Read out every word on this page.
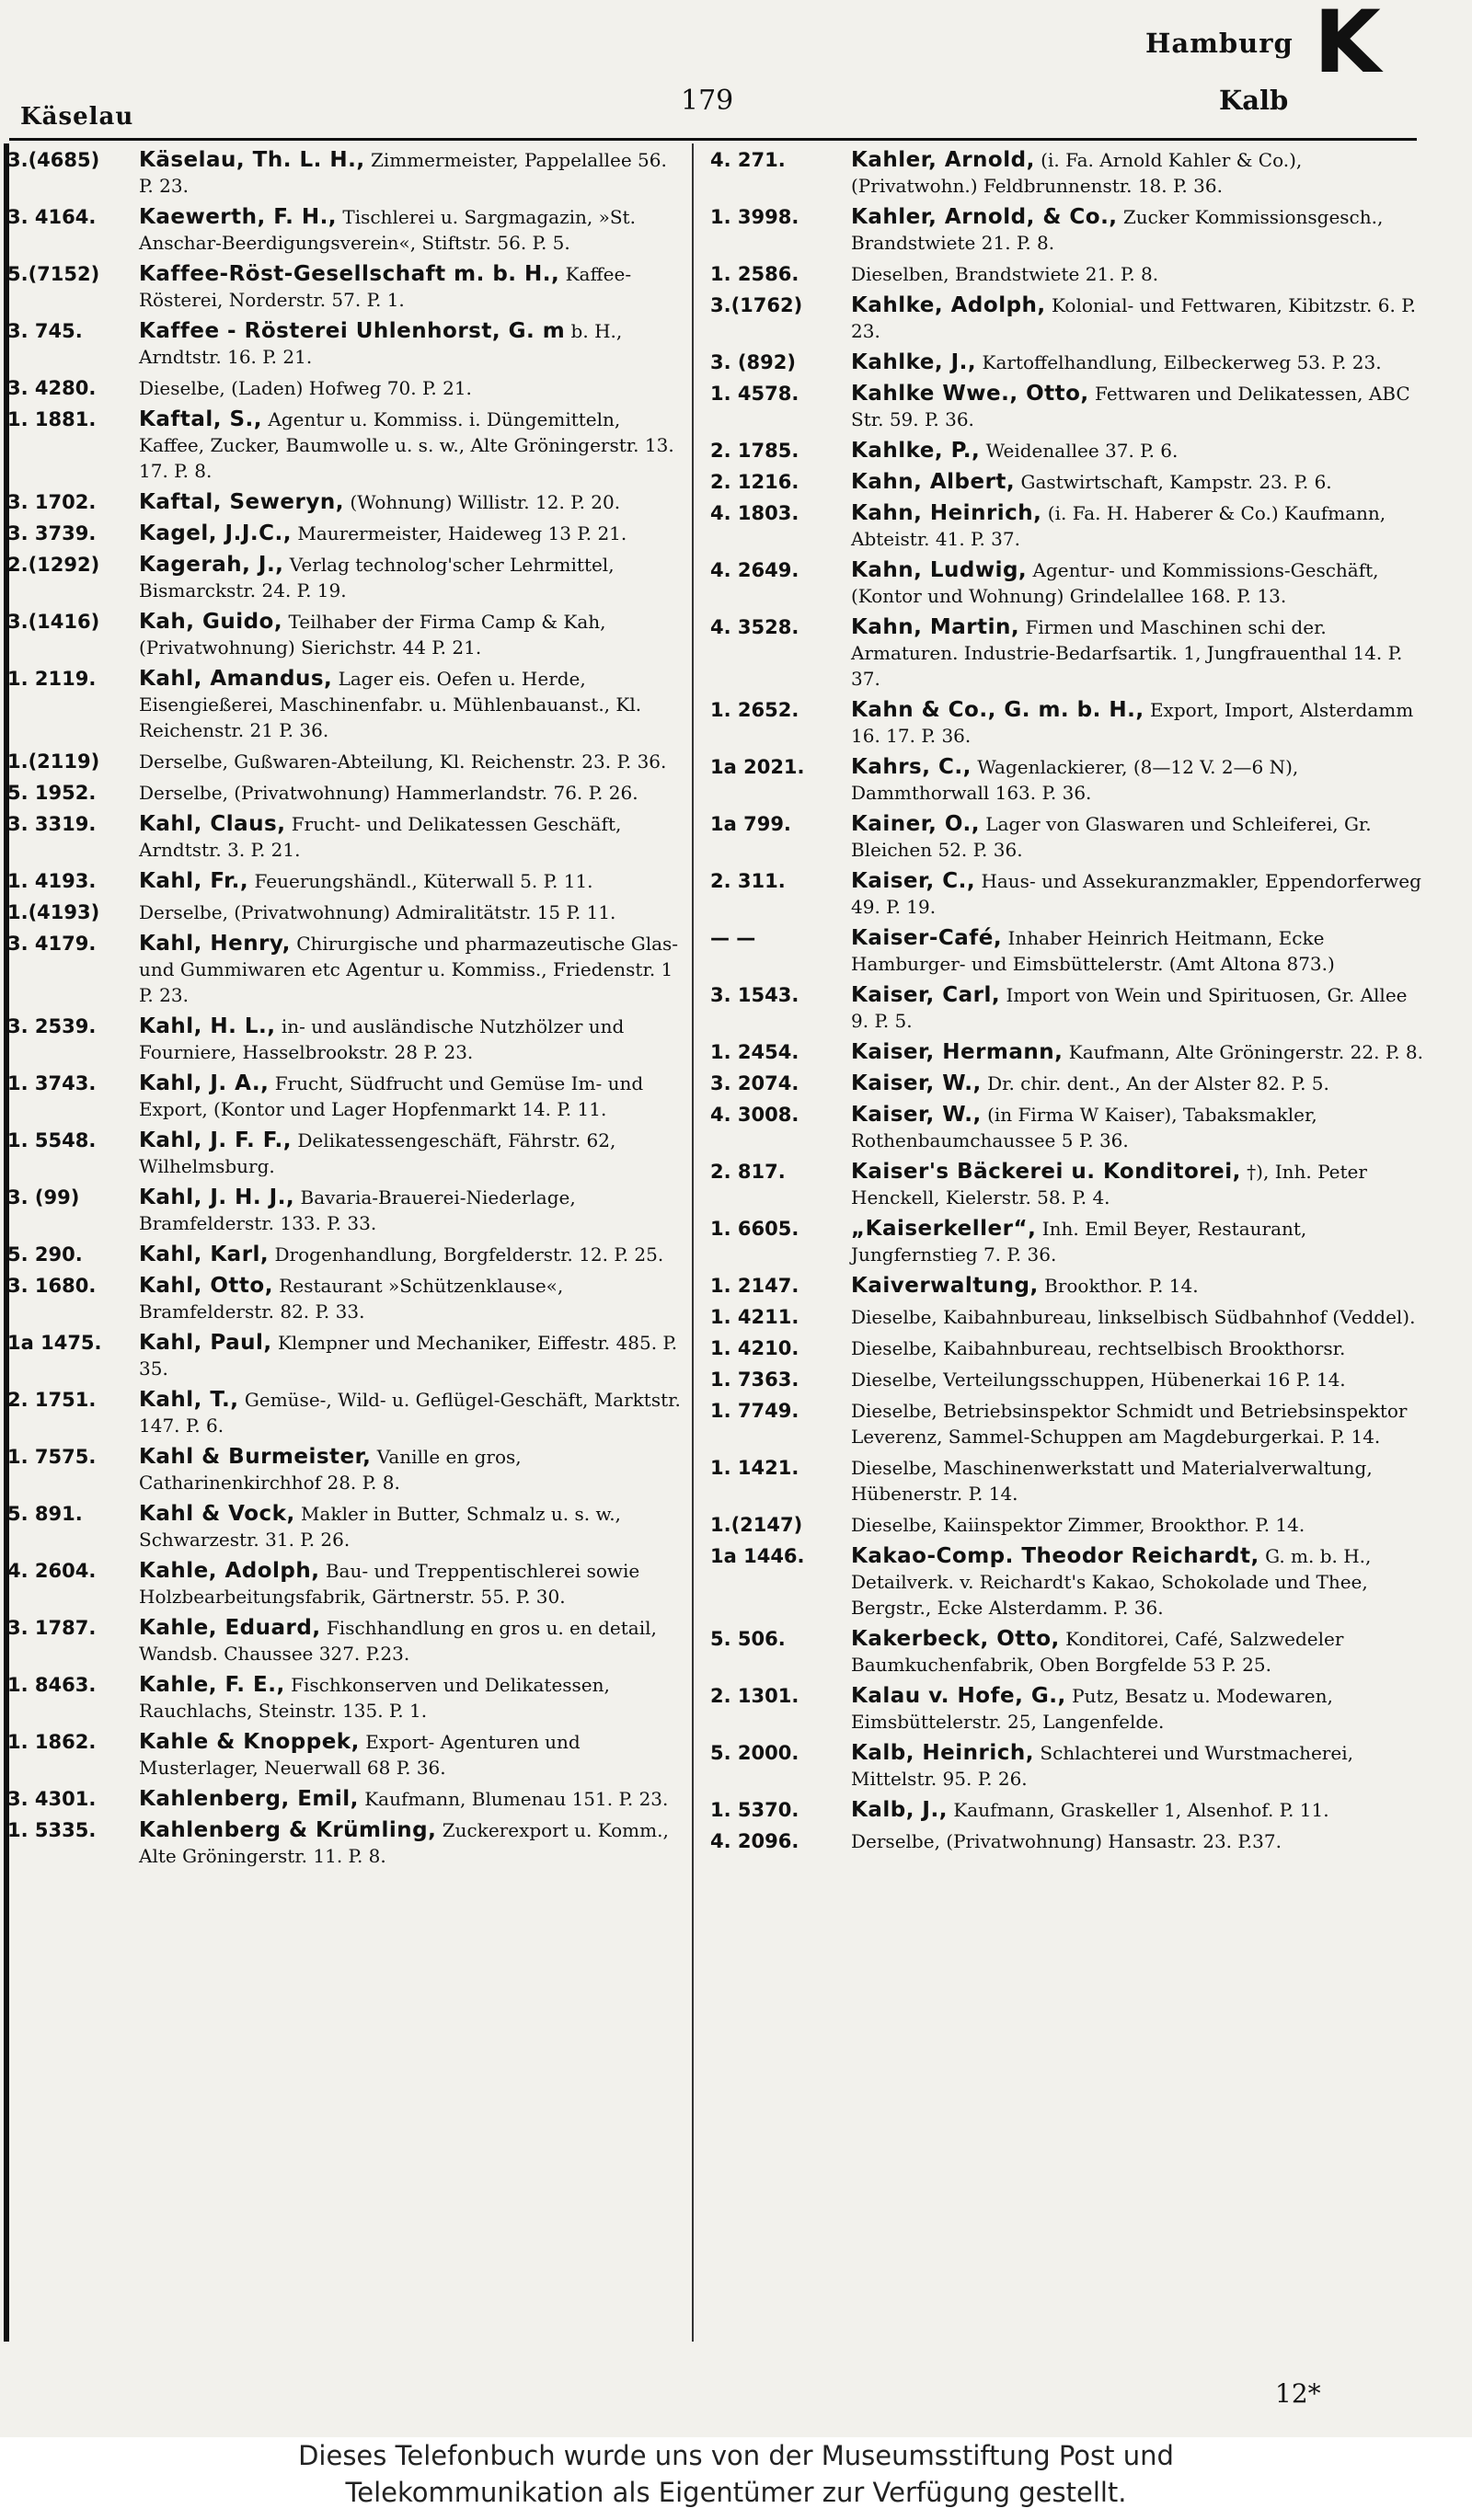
Käselau	179
Hamburg
Kalb
K
3.(4685)	Käselau, Th. L. H., Zimmermeister, Pappelallee 56. P. 23.
3. 4164.	Kaewerth, F. H., Tischlerei u. Sargmagazin, »St. Anschar-Beerdigungsverein«, Stiftstr. 56. P. 5.
5.(7152)	Kaffee-Röst-Gesellschaft m. b. H., Kaffee-Rösterei, Norderstr. 57. P. 1.
3. 745.	Kaffee - Rösterei Uhlenhorst, G. m b. H., Arndtstr. 16. P. 21.
3. 4280.	Dieselbe, (Laden) Hofweg 70. P. 21.
1. 1881.	Kaftal, S., Agentur u. Kommiss. i. Düngemitteln, Kaffee, Zucker, Baumwolle u. s. w., Alte Gröningerstr. 13. 17. P. 8.
3. 1702.	Kaftal, Seweryn, (Wohnung) Willistr. 12. P. 20.
3. 3739.	Kagel, J.J.C., Maurermeister, Haideweg 13 P. 21.
2.(1292)	Kagerah, J., Verlag technolog'scher Lehrmittel, Bismarckstr. 24. P. 19.
3.(1416)	Kah, Guido, Teilhaber der Firma Camp & Kah, (Privatwohnung) Sierichstr. 44 P. 21.
1. 2119.	Kahl, Amandus, Lager eis. Oefen u. Herde, Eisengießerei, Maschinenfabr. u. Mühlenbauanst., Kl. Reichenstr. 21 P. 36.
1.(2119)	Derselbe, Gußwaren-Abteilung, Kl. Reichenstr. 23. P. 36.
5. 1952.	Derselbe, (Privatwohnung) Hammerlandstr. 76. P. 26.
3. 3319.	Kahl, Claus, Frucht- und Delikatessen Geschäft, Arndtstr. 3. P. 21.
1. 4193.	Kahl, Fr., Feuerungshändl., Küterwall 5. P. 11.
1.(4193)	Derselbe, (Privatwohnung) Admiralitätstr. 15 P. 11.
3. 4179.	Kahl, Henry, Chirurgische und pharmazeutische Glas- und Gummiwaren etc Agentur u. Kommiss., Friedenstr. 1 P. 23.
3. 2539.	Kahl, H. L., in- und ausländische Nutzhölzer und Fourniere, Hasselbrookstr. 28 P. 23.
1. 3743.	Kahl, J. A., Frucht, Südfrucht und Gemüse Im- und Export, (Kontor und Lager Hopfenmarkt 14. P. 11.
1. 5548.	Kahl, J. F. F., Delikatessengeschäft, Fährstr. 62, Wilhelmsburg.
3. (99)	Kahl, J. H. J., Bavaria-Brauerei-Niederlage, Bramfelderstr. 133. P. 33.
5. 290.	Kahl, Karl, Drogenhandlung, Borgfelderstr. 12. P. 25.
3. 1680.	Kahl, Otto, Restaurant »Schützenklause«, Bramfelderstr. 82. P. 33.
1a 1475.	Kahl, Paul, Klempner und Mechaniker, Eiffestr. 485. P. 35.
2. 1751.	Kahl, T., Gemüse-, Wild- u. Geflügel-Geschäft, Marktstr. 147. P. 6.
1. 7575.	Kahl & Burmeister, Vanille en gros, Catharinenkirchhof 28. P. 8.
5. 891.	Kahl & Vock, Makler in Butter, Schmalz u. s. w., Schwarzestr. 31. P. 26.
4. 2604.	Kahle, Adolph, Bau- und Treppentischlerei sowie Holzbearbeitungsfabrik, Gärtnerstr. 55. P. 30.
3. 1787.	Kahle, Eduard, Fischhandlung en gros u. en detail, Wandsb. Chaussee 327. P.23.
1. 8463.	Kahle, F. E., Fischkonserven und Delikatessen, Rauchlachs, Steinstr. 135. P. 1.
1. 1862.	Kahle & Knoppek, Export- Agenturen und Musterlager, Neuerwall 68 P. 36.
3. 4301.	Kahlenberg, Emil, Kaufmann, Blumenau 151. P. 23.
1. 5335.	Kahlenberg & Krümling, Zuckerexport u. Komm., Alte Gröningerstr. 11. P. 8.
4. 271.	Kahler, Arnold, (i. Fa. Arnold Kahler & Co.), (Privatwohn.) Feldbrunnenstr. 18. P. 36.
1. 3998.	Kahler, Arnold, & Co., Zucker Kommissionsgesch., Brandstwiete 21. P. 8.
1. 2586.	Dieselben, Brandstwiete 21. P. 8.
3.(1762)	Kahlke, Adolph, Kolonial- und Fettwaren, Kibitzstr. 6. P. 23.
3. (892)	Kahlke, J., Kartoffelhandlung, Eilbeckerweg 53. P. 23.
1. 4578.	Kahlke Wwe., Otto, Fettwaren und Delikatessen, ABC Str. 59. P. 36.
2. 1785.	Kahlke, P., Weidenallee 37. P. 6.
2. 1216.	Kahn, Albert, Gastwirtschaft, Kampstr. 23. P. 6.
4. 1803.	Kahn, Heinrich, (i. Fa. H. Haberer & Co.) Kaufmann, Abteistr. 41. P. 37.
4. 2649.	Kahn, Ludwig, Agentur- und Kommissions-Geschäft, (Kontor und Wohnung) Grindelallee 168. P. 13.
4. 3528.	Kahn, Martin, Firmen und Maschinen schi der. Armaturen. Industrie-Bedarfsartik. 1, Jungfrauenthal 14. P. 37.
1. 2652.	Kahn & Co., G. m. b. H., Export, Import, Alsterdamm 16. 17. P. 36.
1a 2021.	Kahrs, C., Wagenlackierer, (8—12 V. 2—6 N), Dammthorwall 163. P. 36.
1a 799.	Kainer, O., Lager von Glaswaren und Schleiferei, Gr. Bleichen 52. P. 36.
2. 311.	Kaiser, C., Haus- und Assekuranzmakler, Eppendorferweg 49. P. 19.
— —	Kaiser-Café, Inhaber Heinrich Heitmann, Ecke Hamburger- und Eimsbüttelerstr. (Amt Altona 873.)
3. 1543.	Kaiser, Carl, Import von Wein und Spirituosen, Gr. Allee 9. P. 5.
1. 2454.	Kaiser, Hermann, Kaufmann, Alte Gröningerstr. 22. P. 8.
3. 2074.	Kaiser, W., Dr. chir. dent., An der Alster 82. P. 5.
4. 3008.	Kaiser, W., (in Firma W Kaiser), Tabaksmakler, Rothenbaumchaussee 5 P. 36.
2. 817.	Kaiser's Bäckerei u. Konditorei, †), Inh. Peter Henckell, Kielerstr. 58. P. 4.
1. 6605.	„Kaiserkeller“, Inh. Emil Beyer, Restaurant, Jungfernstieg 7. P. 36.
1. 2147.	Kaiverwaltung, Brookthor. P. 14.
1. 4211.	Dieselbe, Kaibahnbureau, linkselbisch Südbahnhof (Veddel).
1. 4210.	Dieselbe, Kaibahnbureau, rechtselbisch Brookthorsr.
1. 7363.	Dieselbe, Verteilungsschuppen, Hübenerkai 16 P. 14.
1. 7749.	Dieselbe, Betriebsinspektor Schmidt und Betriebsinspektor Leverenz, Sammel-Schuppen am Magdeburgerkai. P. 14.
1. 1421.	Dieselbe, Maschinenwerkstatt und Materialverwaltung, Hübenerstr. P. 14.
1.(2147)	Dieselbe, Kaiinspektor Zimmer, Brookthor. P. 14.
1a 1446.	Kakao-Comp. Theodor Reichardt, G. m. b. H., Detailverk. v. Reichardt's Kakao, Schokolade und Thee, Bergstr., Ecke Alsterdamm. P. 36.
5. 506.	Kakerbeck, Otto, Konditorei, Café, Salzwedeler Baumkuchenfabrik, Oben Borgfelde 53 P. 25.
2. 1301.	Kalau v. Hofe, G., Putz, Besatz u. Modewaren, Eimsbüttelerstr. 25, Langenfelde.
5. 2000.	Kalb, Heinrich, Schlachterei und Wurstmacherei, Mittelstr. 95. P. 26.
1. 5370.	Kalb, J., Kaufmann, Graskeller 1, Alsenhof. P. 11.
4. 2096.	Derselbe, (Privatwohnung) Hansastr. 23. P.37.
12*
Dieses Telefonbuch wurde uns von der Museumsstiftung Post und
Telekommunikation als Eigentümer zur Verfügung gestellt.
